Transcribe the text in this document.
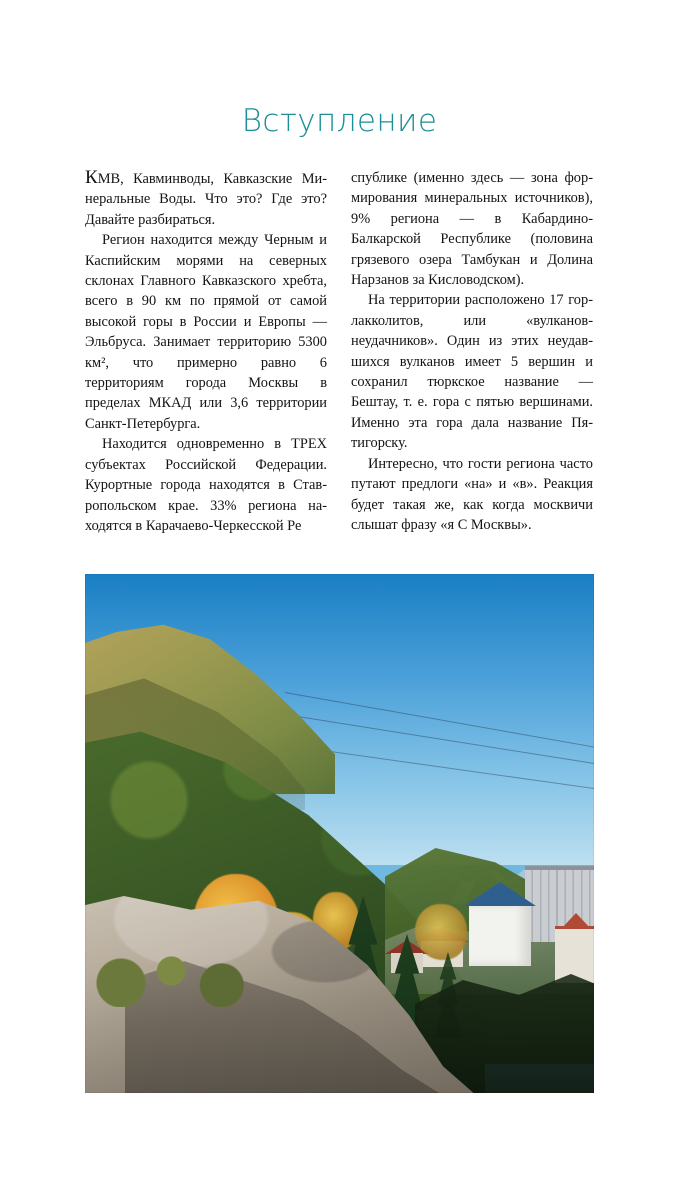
Вступление

КМВ, Кавминводы, Кавказские Минеральные Воды. Что это? Где это? Давайте разбираться.

Регион находится между Черным и Каспийским морями на северных склонах Главного Кавказского хребта, всего в 90 км по прямой от самой высокой горы в России и Европы — Эльбруса. Занимает территорию 5300 км², что примерно равно 6 территориям города Москвы в пределах МКАД или 3,6 территории Санкт-Петербурга.

Находится одновременно в ТРЕХ субъектах Российской Федерации. Курортные города находятся в Ставропольском крае. 33% региона находятся в Карачаево-Черкесской Ре

спублике (именно здесь — зона формирования минеральных источников), 9% региона — в Кабардино-Балкарской Республике (половина грязевого озера Тамбукан и Долина Нарзанов за Кисловодском).

На территории расположено 17 гор-лакколитов, или «вулканов-неудачников». Один из этих неудавшихся вулканов имеет 5 вершин и сохранил тюркское название — Бештау, т. е. гора с пятью вершинами. Именно эта гора дала название Пятигорску.

Интересно, что гости региона часто путают предлоги «на» и «в». Реакция будет такая же, как когда москвичи слышат фразу «я С Москвы».
